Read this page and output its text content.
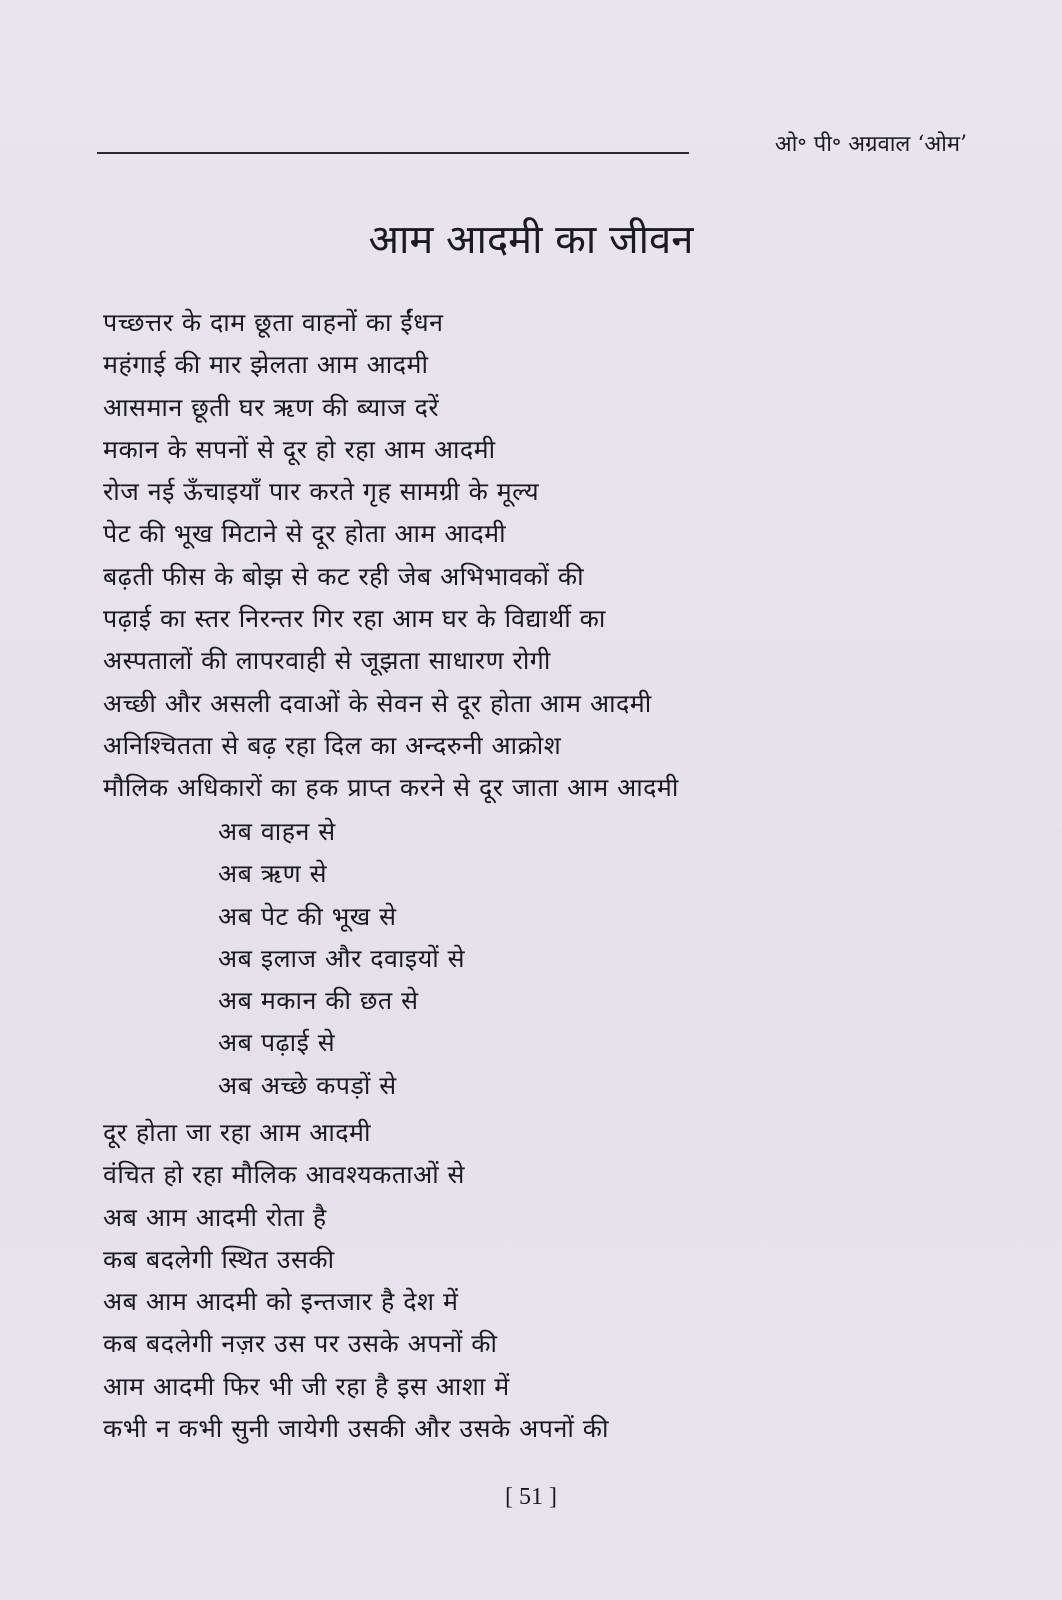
ओ॰ पी॰ अग्रवाल ‘ओम’
आम आदमी का जीवन
पच्छत्तर के दाम छूता वाहनों का ईंधन
महंगाई की मार झेलता आम आदमी
आसमान छूती घर ऋण की ब्याज दरें
मकान के सपनों से दूर हो रहा आम आदमी
रोज नई ऊँचाइयाँ पार करते गृह सामग्री के मूल्य
पेट की भूख मिटाने से दूर होता आम आदमी
बढ़ती फीस के बोझ से कट रही जेब अभिभावकों की
पढ़ाई का स्तर निरन्तर गिर रहा आम घर के विद्यार्थी का
अस्पतालों की लापरवाही से जूझता साधारण रोगी
अच्छी और असली दवाओं के सेवन से दूर होता आम आदमी
अनिश्चितता से बढ़ रहा दिल का अन्दरुनी आक्रोश
मौलिक अधिकारों का हक प्राप्त करने से दूर जाता आम आदमी
अब वाहन से
अब ऋण से
अब पेट की भूख से
अब इलाज और दवाइयों से
अब मकान की छत से
अब पढ़ाई से
अब अच्छे कपड़ों से
दूर होता जा रहा आम आदमी
वंचित हो रहा मौलिक आवश्यकताओं से
अब आम आदमी रोता है
कब बदलेगी स्थित उसकी
अब आम आदमी को इन्तजार है देश में
कब बदलेगी नज़र उस पर उसके अपनों की
आम आदमी फिर भी जी रहा है इस आशा में
कभी न कभी सुनी जायेगी उसकी और उसके अपनों की
[ 51 ]
